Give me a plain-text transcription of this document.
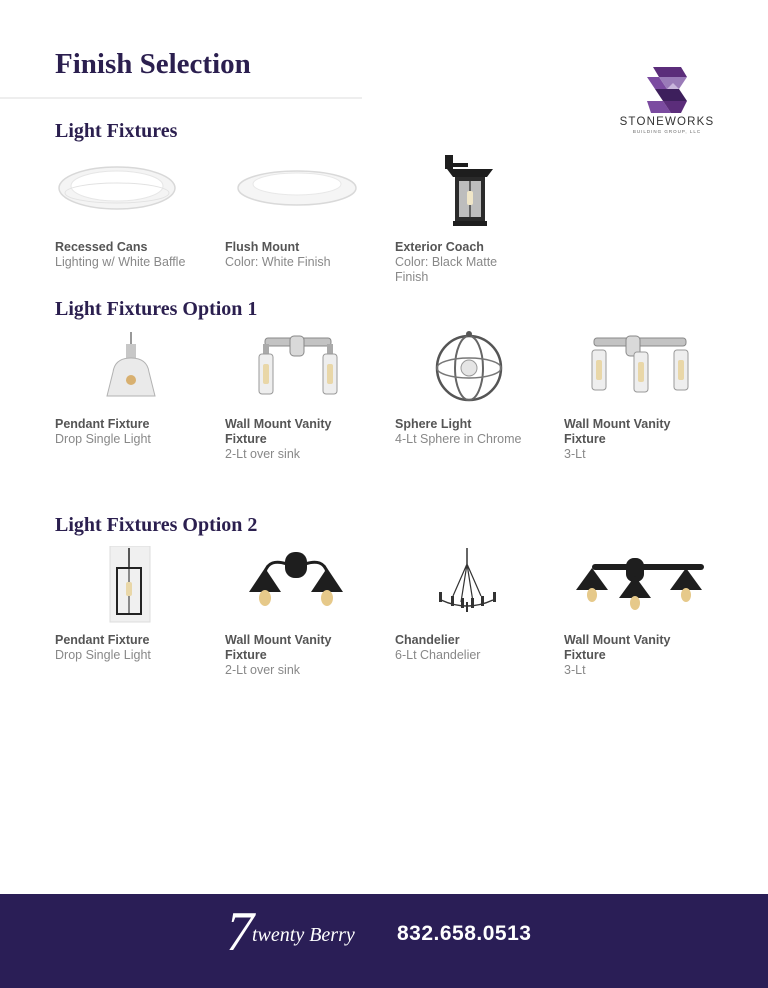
Finish Selection
STONEWORKS
BUILDING GROUP, LLC
Light Fixtures
Recessed Cans
Lighting w/ White Baffle
Flush Mount
Color: White Finish
Exterior Coach
Color: Black Matte
Finish
Light Fixtures Option 1
Pendant Fixture
Drop Single Light
Wall Mount Vanity
Fixture
2-Lt over sink
Sphere Light
4-Lt Sphere in Chrome
Wall Mount Vanity
Fixture
3-Lt
Light Fixtures Option 2
Pendant Fixture
Drop Single Light
Wall Mount Vanity
Fixture
2-Lt over sink
Chandelier
6-Lt Chandelier
Wall Mount Vanity
Fixture
3-Lt
7
twenty Berry	832.658.0513
